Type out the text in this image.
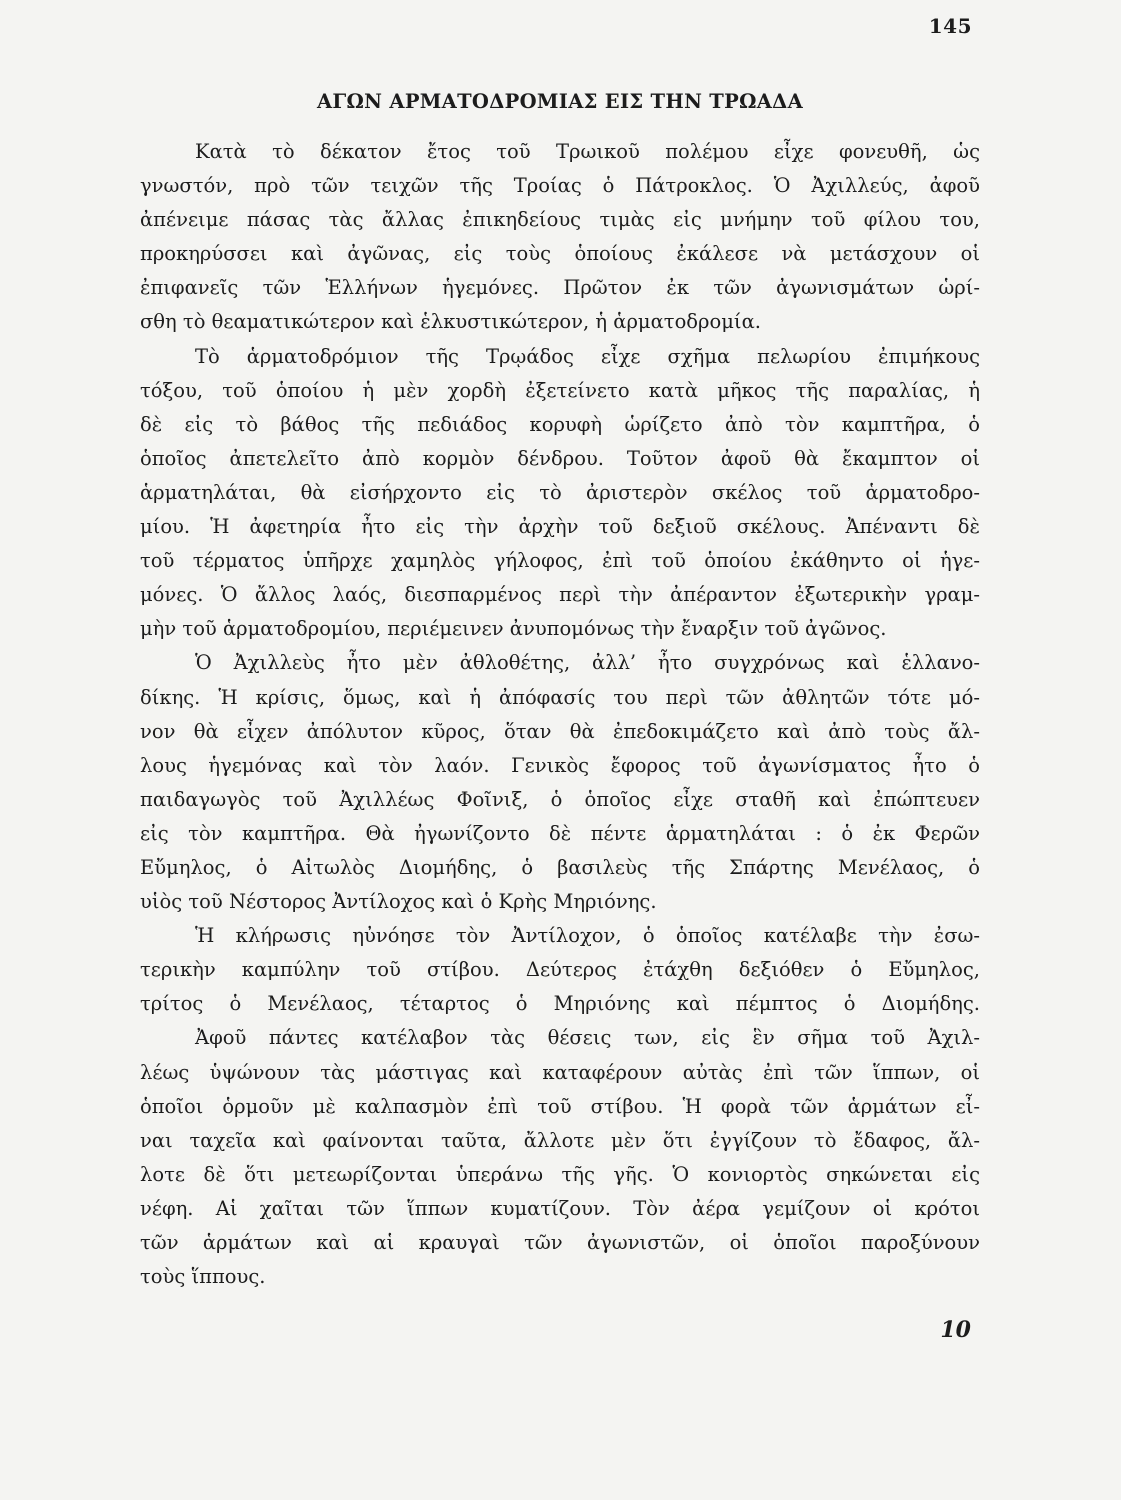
145
ΑΓΩΝ ΑΡΜΑΤΟΔΡΟΜΙΑΣ ΕΙΣ ΤΗΝ ΤΡΩΑΔΑ
Κατὰ τὸ δέκατον ἔτος τοῦ Τρωικοῦ πολέμου εἶχε φονευθῆ, ὡς
γνωστόν, πρὸ τῶν τειχῶν τῆς Τροίας ὁ Πάτροκλος. Ὁ Ἀχιλλεύς, ἀφοῦ
ἀπένειμε πάσας τὰς ἄλλας ἐπικηδείους τιμὰς εἰς μνήμην τοῦ φίλου του,
προκηρύσσει καὶ ἀγῶνας, εἰς τοὺς ὁποίους ἐκάλεσε νὰ μετάσχουν οἱ
ἐπιφανεῖς τῶν Ἑλλήνων ἡγεμόνες. Πρῶτον ἐκ τῶν ἀγωνισμάτων ὡρί-
σθη τὸ θεαματικώτερον καὶ ἑλκυστικώτερον, ἡ ἁρματοδρομία.
Τὸ ἁρματοδρόμιον τῆς Τρῳάδος εἶχε σχῆμα πελωρίου ἐπιμήκους
τόξου, τοῦ ὁποίου ἡ μὲν χορδὴ ἐξετείνετο κατὰ μῆκος τῆς παραλίας, ἡ
δὲ εἰς τὸ βάθος τῆς πεδιάδος κορυφὴ ὡρίζετο ἀπὸ τὸν καμπτῆρα, ὁ
ὁποῖος ἀπετελεῖτο ἀπὸ κορμὸν δένδρου. Τοῦτον ἀφοῦ θὰ ἔκαμπτον οἱ
ἁρματηλάται, θὰ εἰσήρχοντο εἰς τὸ ἀριστερὸν σκέλος τοῦ ἁρματοδρο-
μίου. Ἡ ἀφετηρία ἦτο εἰς τὴν ἀρχὴν τοῦ δεξιοῦ σκέλους. Ἀπέναντι δὲ
τοῦ τέρματος ὑπῆρχε χαμηλὸς γήλοφος, ἐπὶ τοῦ ὁποίου ἐκάθηντο οἱ ἡγε-
μόνες. Ὁ ἄλλος λαός, διεσπαρμένος περὶ τὴν ἀπέραντον ἐξωτερικὴν γραμ-
μὴν τοῦ ἁρματοδρομίου, περιέμεινεν ἀνυπομόνως τὴν ἔναρξιν τοῦ ἀγῶνος.
Ὁ Ἀχιλλεὺς ἦτο μὲν ἀθλοθέτης, ἀλλ’ ἦτο συγχρόνως καὶ ἑλλανο-
δίκης. Ἡ κρίσις, ὅμως, καὶ ἡ ἀπόφασίς του περὶ τῶν ἀθλητῶν τότε μό-
νον θὰ εἶχεν ἀπόλυτον κῦρος, ὅταν θὰ ἐπεδοκιμάζετο καὶ ἀπὸ τοὺς ἄλ-
λους ἡγεμόνας καὶ τὸν λαόν. Γενικὸς ἔφορος τοῦ ἀγωνίσματος ἦτο ὁ
παιδαγωγὸς τοῦ Ἀχιλλέως Φοῖνιξ, ὁ ὁποῖος εἶχε σταθῆ καὶ ἐπώπτευεν
εἰς τὸν καμπτῆρα. Θὰ ἠγωνίζοντο δὲ πέντε ἁρματηλάται : ὁ ἐκ Φερῶν
Εὔμηλος, ὁ Αἰτωλὸς Διομήδης, ὁ βασιλεὺς τῆς Σπάρτης Μενέλαος, ὁ
υἱὸς τοῦ Νέστορος Ἀντίλοχος καὶ ὁ Κρὴς Μηριόνης.
Ἡ κλήρωσις ηὐνόησε τὸν Ἀντίλοχον, ὁ ὁποῖος κατέλαβε τὴν ἐσω-
τερικὴν καμπύλην τοῦ στίβου. Δεύτερος ἐτάχθη δεξιόθεν ὁ Εὔμηλος,
τρίτος ὁ Μενέλαος, τέταρτος ὁ Μηριόνης καὶ πέμπτος ὁ Διομήδης.
Ἀφοῦ πάντες κατέλαβον τὰς θέσεις των, εἰς ἓν σῆμα τοῦ Ἀχιλ-
λέως ὑψώνουν τὰς μάστιγας καὶ καταφέρουν αὐτὰς ἐπὶ τῶν ἵππων, οἱ
ὁποῖοι ὁρμοῦν μὲ καλπασμὸν ἐπὶ τοῦ στίβου. Ἡ φορὰ τῶν ἁρμάτων εἶ-
ναι ταχεῖα καὶ φαίνονται ταῦτα, ἄλλοτε μὲν ὅτι ἐγγίζουν τὸ ἔδαφος, ἄλ-
λοτε δὲ ὅτι μετεωρίζονται ὑπεράνω τῆς γῆς. Ὁ κονιορτὸς σηκώνεται εἰς
νέφη. Αἱ χαῖται τῶν ἵππων κυματίζουν. Τὸν ἀέρα γεμίζουν οἱ κρότοι
τῶν ἁρμάτων καὶ αἱ κραυγαὶ τῶν ἀγωνιστῶν, οἱ ὁποῖοι παροξύνουν
τοὺς ἵππους.
10
